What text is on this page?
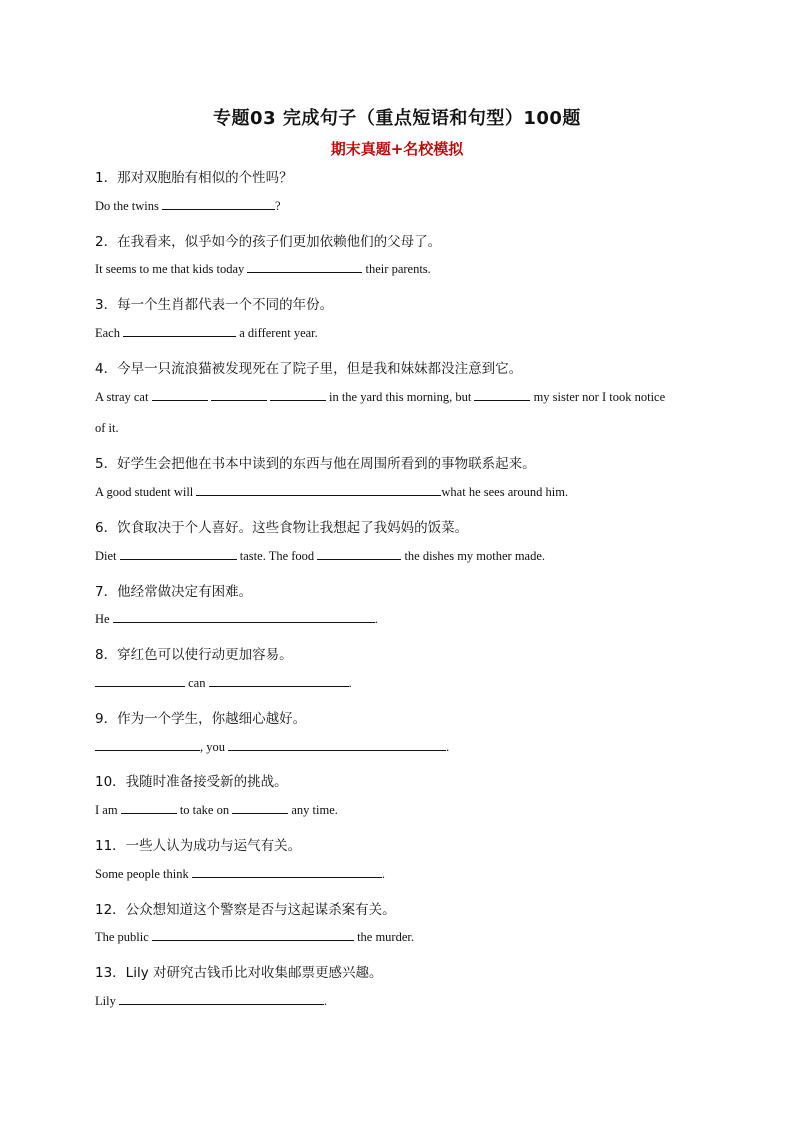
专题03 完成句子（重点短语和句型）100题
期末真题+名校模拟
1．那对双胞胎有相似的个性吗？
Do the twins	?
2．在我看来，似乎如今的孩子们更加依赖他们的父母了。
It seems to me that kids today	their parents.
3．每一个生肖都代表一个不同的年份。
Each	a different year.
4．今早一只流浪猫被发现死在了院子里，但是我和妹妹都没注意到它。
A stray cat	in the yard this morning, but	my sister nor I took notice
of it.
5．好学生会把他在书本中读到的东西与他在周围所看到的事物联系起来。
A good student will	what he sees around him.
6．饮食取决于个人喜好。这些食物让我想起了我妈妈的饭菜。
Diet	taste. The food	the dishes my mother made.
7．他经常做决定有困难。
He	.
8．穿红色可以使行动更加容易。
can	.
9．作为一个学生，你越细心越好。
, you	.
10．我随时准备接受新的挑战。
I am	to take on	any time.
11．一些人认为成功与运气有关。
Some people think	.
12．公众想知道这个警察是否与这起谋杀案有关。
The public	the murder.
13．Lily 对研究古钱币比对收集邮票更感兴趣。
Lily	.
